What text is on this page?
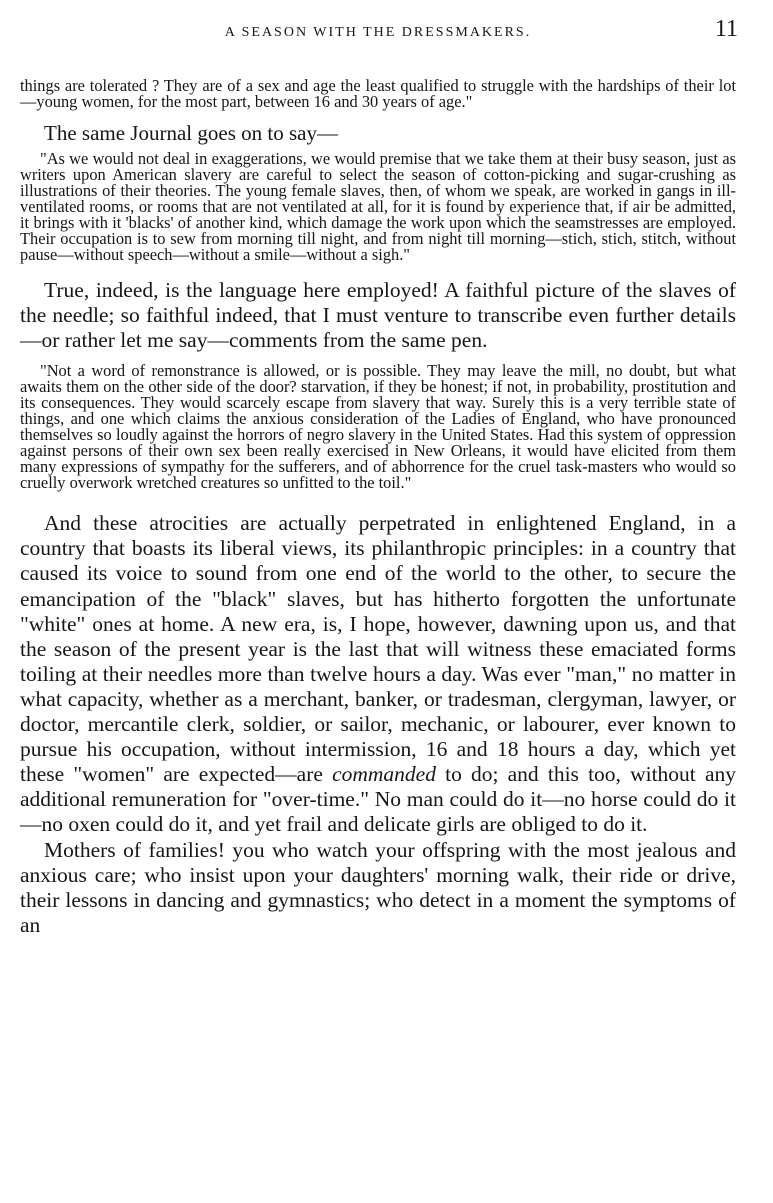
A SEASON WITH THE DRESSMAKERS.	11

things are tolerated ? They are of a sex and age the least qualified to struggle with the hardships of their lot—young women, for the most part, between 16 and 30 years of age."

The same Journal goes on to say—

"As we would not deal in exaggerations, we would premise that we take them at their busy season, just as writers upon American slavery are careful to select the season of cotton-picking and sugar-crushing as illustrations of their theories. The young female slaves, then, of whom we speak, are worked in gangs in ill-ventilated rooms, or rooms that are not ventilated at all, for it is found by experience that, if air be admitted, it brings with it 'blacks' of another kind, which damage the work upon which the seamstresses are employed. Their occupation is to sew from morning till night, and from night till morning—stich, stich, stitch, without pause—without speech—without a smile—without a sigh."

True, indeed, is the language here employed! A faithful picture of the slaves of the needle; so faithful indeed, that I must venture to transcribe even further details—or rather let me say—comments from the same pen.

"Not a word of remonstrance is allowed, or is possible. They may leave the mill, no doubt, but what awaits them on the other side of the door? starvation, if they be honest; if not, in probability, prostitution and its consequences. They would scarcely escape from slavery that way. Surely this is a very terrible state of things, and one which claims the anxious consideration of the Ladies of England, who have pronounced themselves so loudly against the horrors of negro slavery in the United States. Had this system of oppression against persons of their own sex been really exercised in New Orleans, it would have elicited from them many expressions of sympathy for the sufferers, and of abhorrence for the cruel task-masters who would so cruelly overwork wretched creatures so unfitted to the toil."

And these atrocities are actually perpetrated in enlightened England, in a country that boasts its liberal views, its philanthropic principles: in a country that caused its voice to sound from one end of the world to the other, to secure the emancipation of the "black" slaves, but has hitherto forgotten the unfortunate "white" ones at home. A new era, is, I hope, however, dawning upon us, and that the season of the present year is the last that will witness these emaciated forms toiling at their needles more than twelve hours a day. Was ever "man," no matter in what capacity, whether as a merchant, banker, or tradesman, clergyman, lawyer, or doctor, mercantile clerk, soldier, or sailor, mechanic, or labourer, ever known to pursue his occupation, without intermission, 16 and 18 hours a day, which yet these "women" are expected—are commanded to do; and this too, without any additional remuneration for "over-time." No man could do it—no horse could do it—no oxen could do it, and yet frail and delicate girls are obliged to do it.

Mothers of families! you who watch your offspring with the most jealous and anxious care; who insist upon your daughters' morning walk, their ride or drive, their lessons in dancing and gymnastics; who detect in a moment the symptoms of an
